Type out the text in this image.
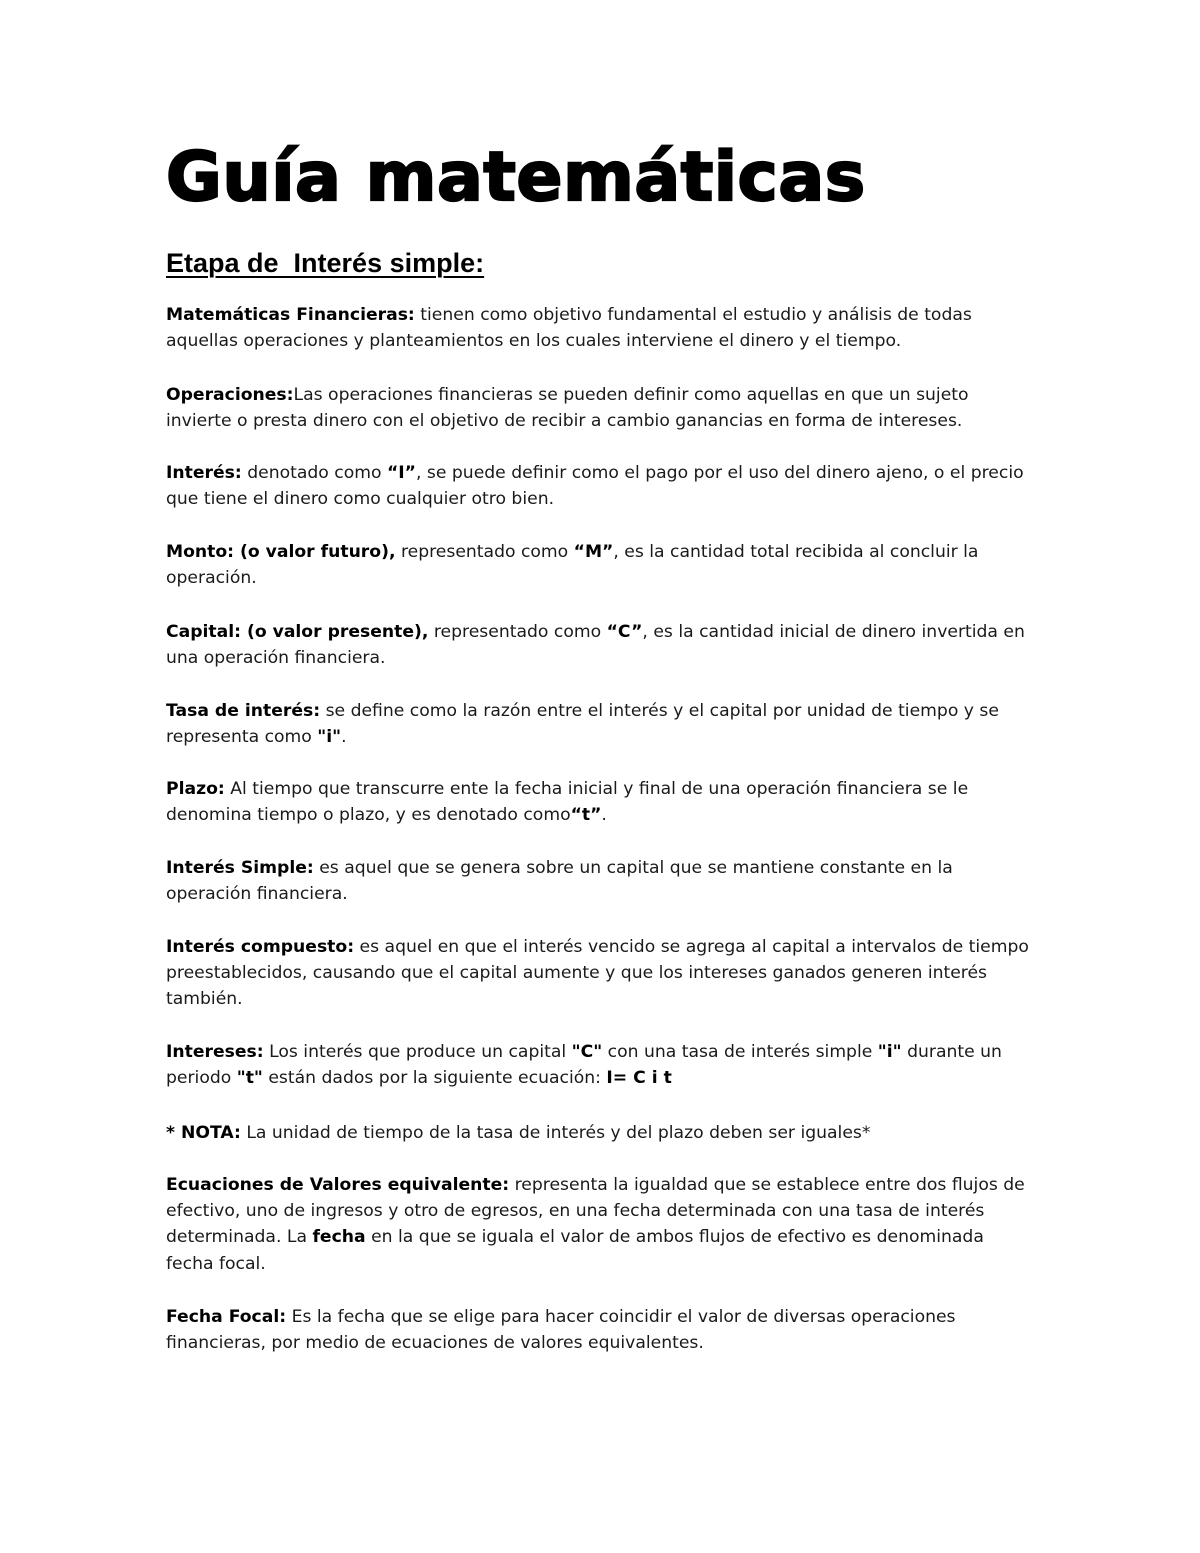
Guía matemáticas
Etapa de  Interés simple:

Matemáticas Financieras: tienen como objetivo fundamental el estudio y análisis de todas aquellas operaciones y planteamientos en los cuales interviene el dinero y el tiempo.

Operaciones:Las operaciones financieras se pueden definir como aquellas en que un sujeto invierte o presta dinero con el objetivo de recibir a cambio ganancias en forma de intereses.

Interés: denotado como “I”, se puede definir como el pago por el uso del dinero ajeno, o el precio que tiene el dinero como cualquier otro bien.

Monto: (o valor futuro), representado como “M”, es la cantidad total recibida al concluir la operación.

Capital: (o valor presente), representado como “C”, es la cantidad inicial de dinero invertida en una operación financiera.

Tasa de interés: se define como la razón entre el interés y el capital por unidad de tiempo y se representa como "i".

Plazo: Al tiempo que transcurre ente la fecha inicial y final de una operación financiera se le denomina tiempo o plazo, y es denotado como“t”.

Interés Simple: es aquel que se genera sobre un capital que se mantiene constante en la operación financiera.

Interés compuesto: es aquel en que el interés vencido se agrega al capital a intervalos de tiempo preestablecidos, causando que el capital aumente y que los intereses ganados generen interés también.

Intereses: Los interés que produce un capital "C" con una tasa de interés simple "i" durante un periodo "t" están dados por la siguiente ecuación: I= C i t

* NOTA: La unidad de tiempo de la tasa de interés y del plazo deben ser iguales*

Ecuaciones de Valores equivalente: representa la igualdad que se establece entre dos flujos de efectivo, uno de ingresos y otro de egresos, en una fecha determinada con una tasa de interés determinada. La fecha en la que se iguala el valor de ambos flujos de efectivo es denominada fecha focal.

Fecha Focal: Es la fecha que se elige para hacer coincidir el valor de diversas operaciones financieras, por medio de ecuaciones de valores equivalentes.
